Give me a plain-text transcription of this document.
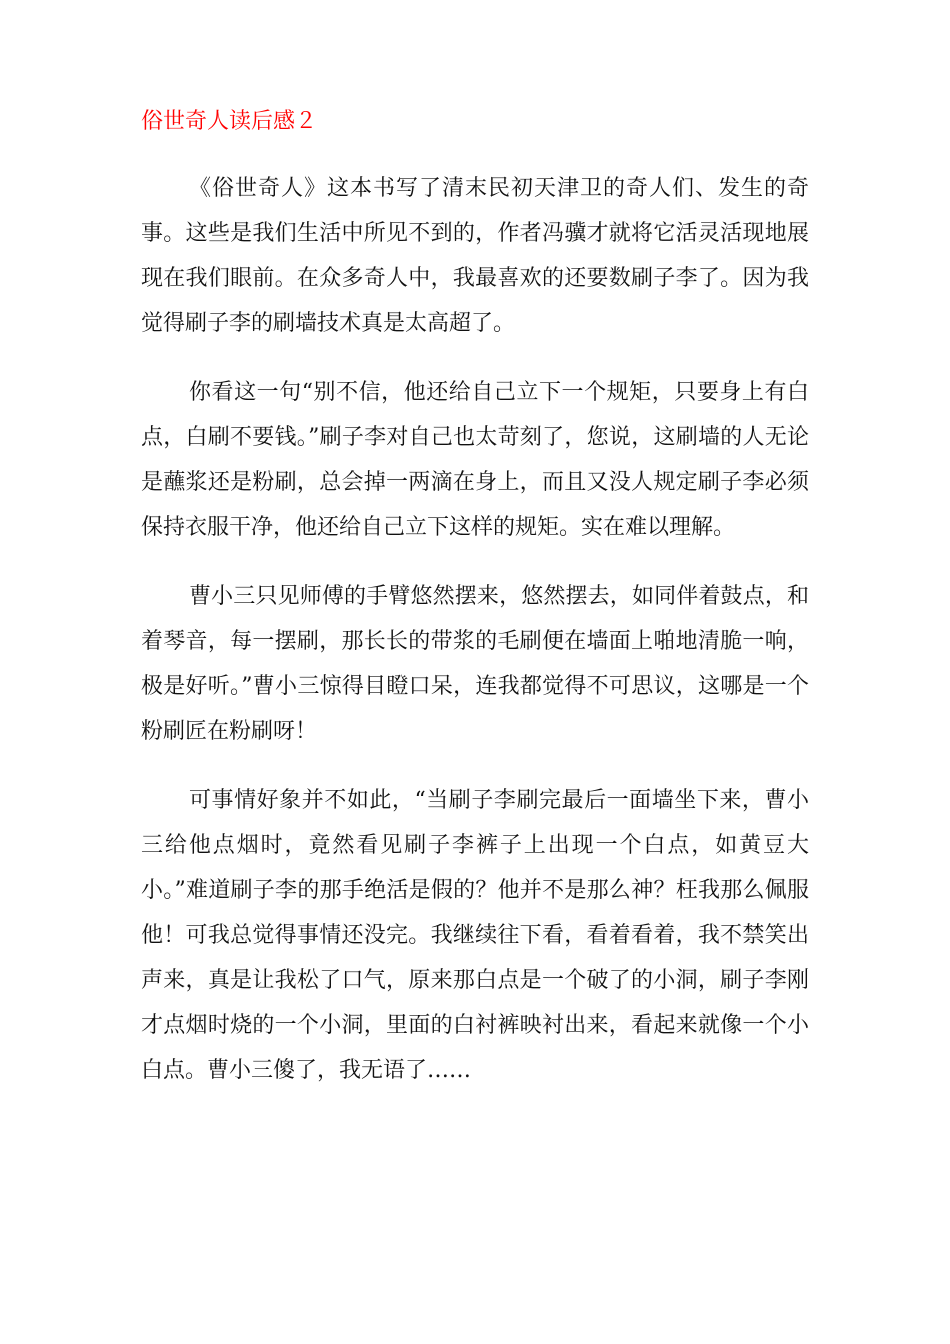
俗世奇人读后感２

《俗世奇人》这本书写了清末民初天津卫的奇人们、发生的奇事。这些是我们生活中所见不到的，作者冯骥才就将它活灵活现地展现在我们眼前。在众多奇人中，我最喜欢的还要数刷子李了。因为我觉得刷子李的刷墙技术真是太高超了。

你看这一句“别不信，他还给自己立下一个规矩，只要身上有白点，白刷不要钱。”刷子李对自己也太苛刻了，您说，这刷墙的人无论是蘸浆还是粉刷，总会掉一两滴在身上，而且又没人规定刷子李必须保持衣服干净，他还给自己立下这样的规矩。实在难以理解。

曹小三只见师傅的手臂悠然摆来，悠然摆去，如同伴着鼓点，和着琴音，每一摆刷，那长长的带浆的毛刷便在墙面上啪地清脆一响，极是好听。”曹小三惊得目瞪口呆，连我都觉得不可思议，这哪是一个粉刷匠在粉刷呀！

可事情好象并不如此，“当刷子李刷完最后一面墙坐下来，曹小三给他点烟时，竟然看见刷子李裤子上出现一个白点，如黄豆大小。”难道刷子李的那手绝活是假的？他并不是那么神？枉我那么佩服他！可我总觉得事情还没完。我继续往下看，看着看着，我不禁笑出声来，真是让我松了口气，原来那白点是一个破了的小洞，刷子李刚才点烟时烧的一个小洞，里面的白衬裤映衬出来，看起来就像一个小白点。曹小三傻了，我无语了……
